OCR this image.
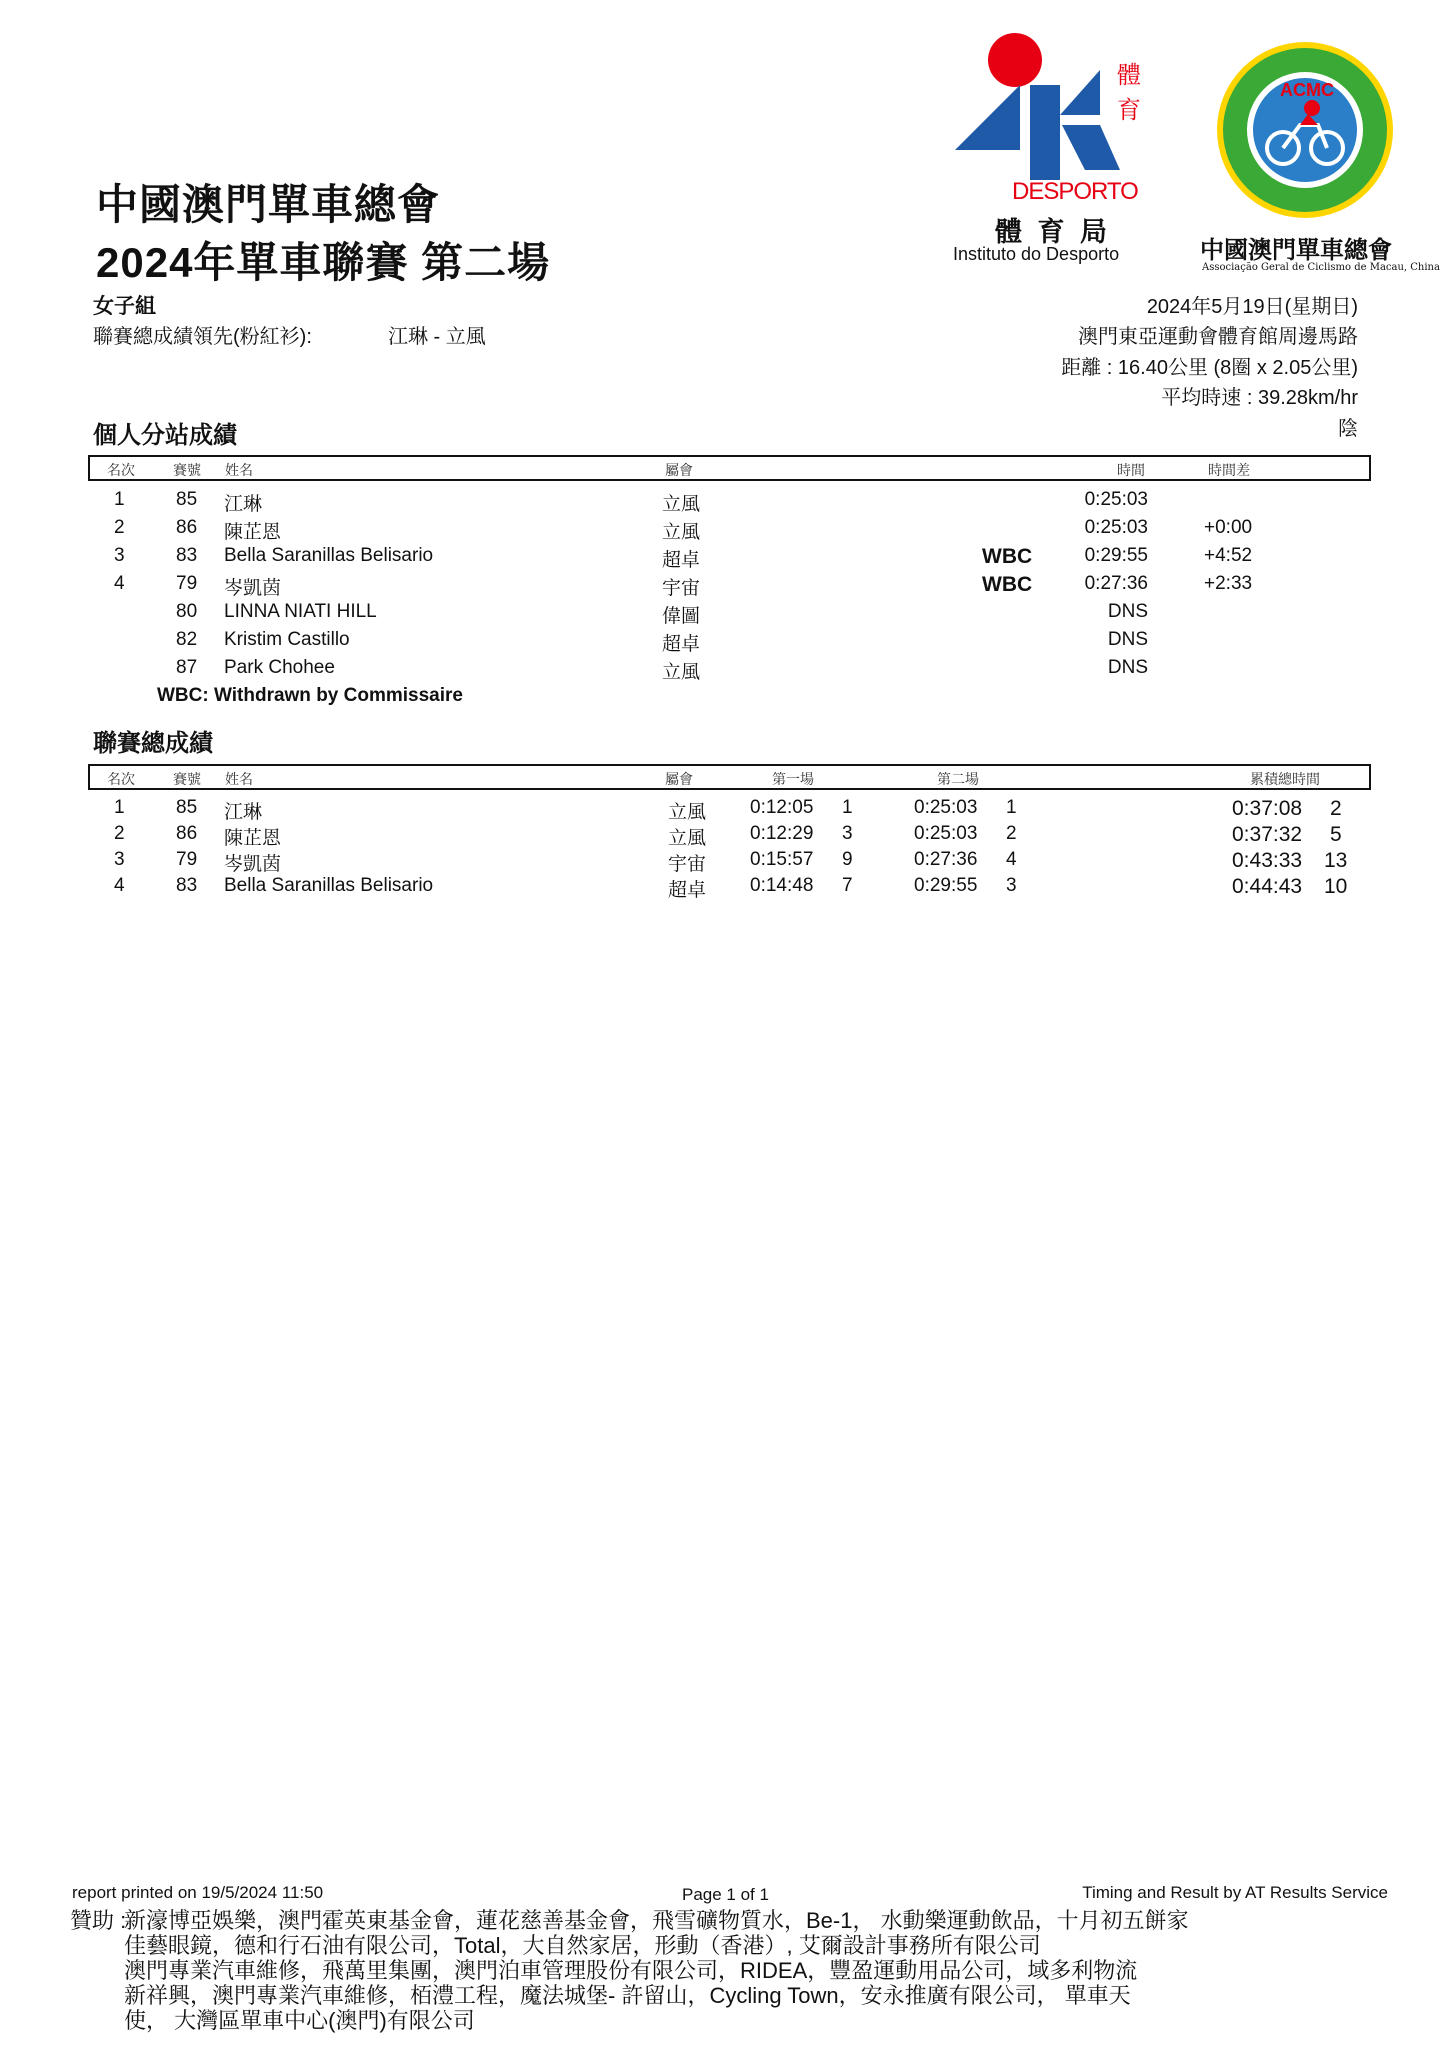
中國澳門單車總會
2024年單車聯賽 第二場
女子組
聯賽總成績領先(粉紅衫):	江琳 - 立風
2024年5月19日(星期日)
澳門東亞運動會體育館周邊馬路
距離 : 16.40公里 (8圈 x 2.05公里)
平均時速 : 39.28km/hr
陰
體
育
DESPORTO
體 育 局
Instituto do Desporto
ACMC
中國澳門單車總會
Associação Geral de Ciclismo de Macau, China
個人分站成績
名次	賽號 姓名	屬會	時間	時間差
1	85 江琳	立風	0:25:03
2	86 陳芷恩	立風	0:25:03	+0:00
3	83 Bella Saranillas Belisario	超卓	WBC	0:29:55	+4:52
4	79 岑凱茵	宇宙	WBC	0:27:36	+2:33
80 LINNA NIATI HILL	偉圖	DNS
82 Kristim Castillo	超卓	DNS
87 Park Chohee	立風	DNS
WBC: Withdrawn by Commissaire
聯賽總成績
名次	賽號 姓名	屬會	第一場	第二場	累積總時間
1	85 江琳	立風 0:12:05 1	0:25:03 1	0:37:08 2
2	86 陳芷恩	立風 0:12:29 3	0:25:03 2	0:37:32 5
3	79 岑凱茵	宇宙 0:15:57 9	0:27:36 4	0:43:33 13
4	83 Bella Saranillas Belisario	超卓 0:14:48 7	0:29:55 3	0:44:43 10
report printed on 19/5/2024 11:50	Page 1 of 1	Timing and Result by AT Results Service
贊助 :
新濠博亞娛樂，澳門霍英東基金會，蓮花慈善基金會，飛雪礦物質水，Be-1， 水動樂運動飲品，十月初五餅家
佳藝眼鏡，德和行石油有限公司，Total，大自然家居，形動（香港）, 艾爾設計事務所有限公司
澳門專業汽車維修，飛萬里集團，澳門泊車管理股份有限公司，RIDEA，豐盈運動用品公司，域多利物流
新祥興，澳門專業汽車維修，栢澧工程，魔法城堡- 許留山，Cycling Town，安永推廣有限公司， 單車天
使， 大灣區單車中心(澳門)有限公司
